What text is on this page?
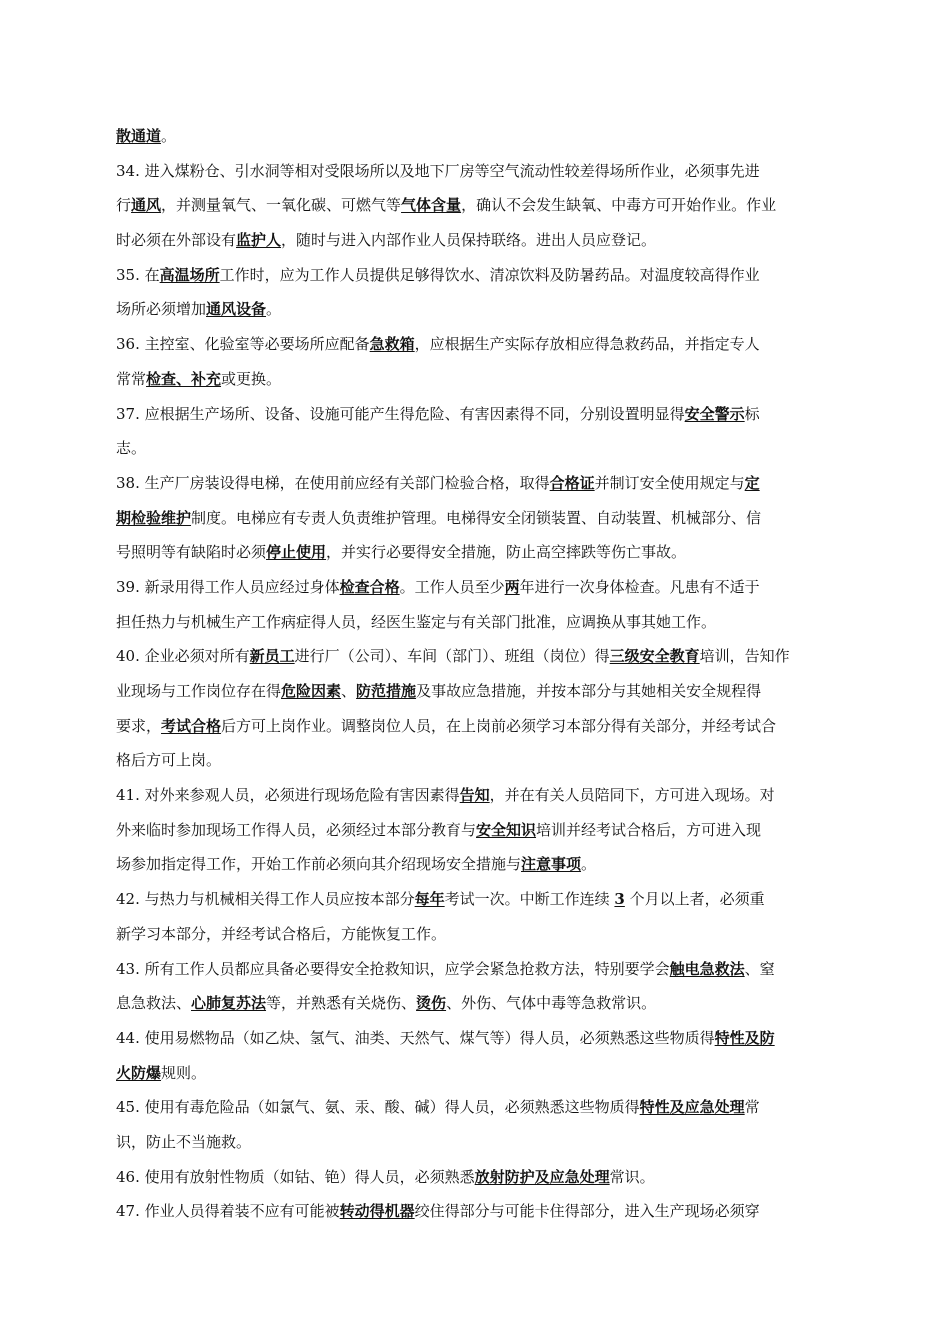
散通道。
34. 进入煤粉仓、引水洞等相对受限场所以及地下厂房等空气流动性较差得场所作业，必须事先进
行通风，并测量氧气、一氧化碳、可燃气等气体含量，确认不会发生缺氧、中毒方可开始作业。作业
时必须在外部设有监护人，随时与进入内部作业人员保持联络。进出人员应登记。
35. 在高温场所工作时，应为工作人员提供足够得饮水、清凉饮料及防暑药品。对温度较高得作业
场所必须增加通风设备。
36. 主控室、化验室等必要场所应配备急救箱，应根据生产实际存放相应得急救药品，并指定专人
常常检查、补充或更换。
37. 应根据生产场所、设备、设施可能产生得危险、有害因素得不同，分别设置明显得安全警示标
志。
38. 生产厂房装设得电梯，在使用前应经有关部门检验合格，取得合格证并制订安全使用规定与定
期检验维护制度。电梯应有专责人负责维护管理。电梯得安全闭锁装置、自动装置、机械部分、信
号照明等有缺陷时必须停止使用，并实行必要得安全措施，防止高空摔跌等伤亡事故。
39. 新录用得工作人员应经过身体检查合格。工作人员至少两年进行一次身体检查。凡患有不适于
担任热力与机械生产工作病症得人员，经医生鉴定与有关部门批准，应调换从事其她工作。
40. 企业必须对所有新员工进行厂（公司）、车间（部门）、班组（岗位）得三级安全教育培训，告知作
业现场与工作岗位存在得危险因素、防范措施及事故应急措施，并按本部分与其她相关安全规程得
要求，考试合格后方可上岗作业。调整岗位人员，在上岗前必须学习本部分得有关部分，并经考试合
格后方可上岗。
41. 对外来参观人员，必须进行现场危险有害因素得告知，并在有关人员陪同下，方可进入现场。对
外来临时参加现场工作得人员，必须经过本部分教育与安全知识培训并经考试合格后，方可进入现
场参加指定得工作，开始工作前必须向其介绍现场安全措施与注意事项。
42. 与热力与机械相关得工作人员应按本部分每年考试一次。中断工作连续 3 个月以上者，必须重
新学习本部分，并经考试合格后，方能恢复工作。
43. 所有工作人员都应具备必要得安全抢救知识，应学会紧急抢救方法，特别要学会触电急救法、窒
息急救法、心肺复苏法等，并熟悉有关烧伤、烫伤、外伤、气体中毒等急救常识。
44. 使用易燃物品（如乙炔、氢气、油类、天然气、煤气等）得人员，必须熟悉这些物质得特性及防
火防爆规则。
45. 使用有毒危险品（如氯气、氨、汞、酸、碱）得人员，必须熟悉这些物质得特性及应急处理常
识，防止不当施救。
46. 使用有放射性物质（如钴、铯）得人员，必须熟悉放射防护及应急处理常识。
47. 作业人员得着装不应有可能被转动得机器绞住得部分与可能卡住得部分，进入生产现场必须穿
